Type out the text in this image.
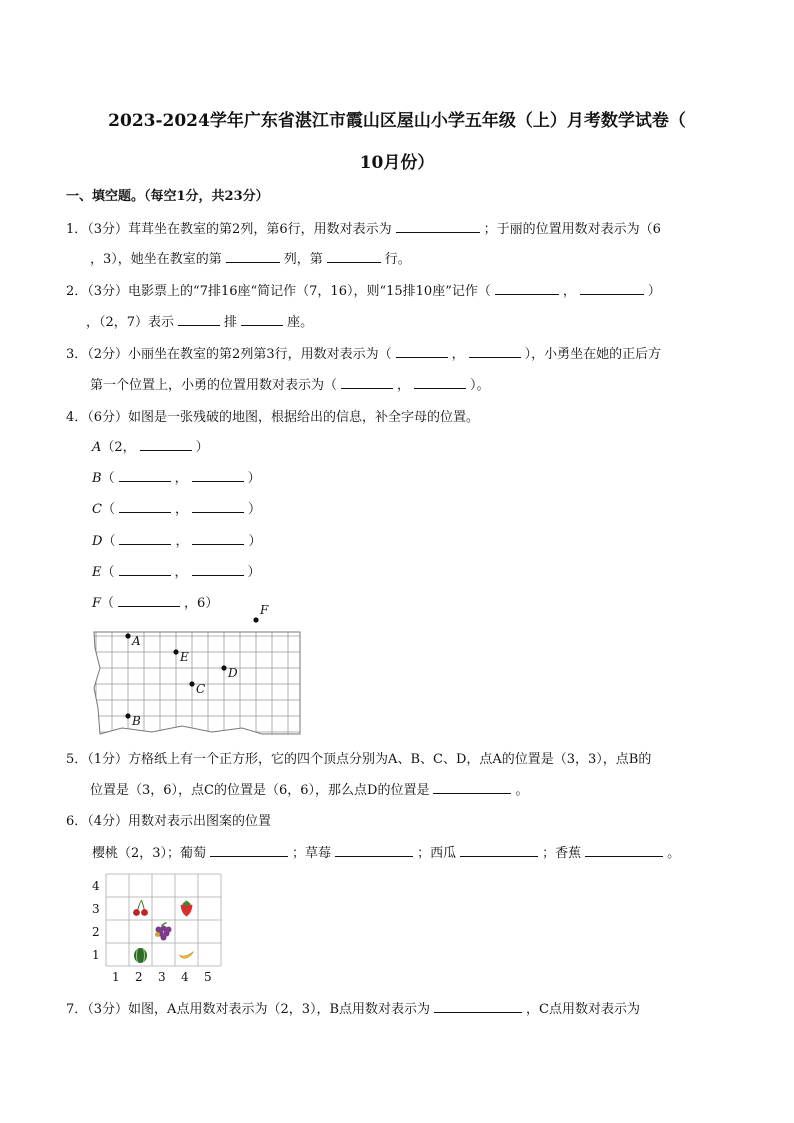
2023-2024学年广东省湛江市霞山区屋山小学五年级（上）月考数学试卷（
10月份）
一、填空题。（每空1分，共23分）
1．（3分）茸茸坐在教室的第2列，第6行，用数对表示为	；于丽的位置用数对表示为（6
，3），她坐在教室的第	列，第	行。
2．（3分）电影票上的“7排16座“简记作（7，16），则“15排10座”记作（	，	）
，（2，7）表示	排	座。
3．（2分）小丽坐在教室的第2列第3行，用数对表示为（	，	），小勇坐在她的正后方
第一个位置上，小勇的位置用数对表示为（	，	）。
4．（6分）如图是一张残破的地图，根据给出的信息，补全字母的位置。
A（2，	）
B（	，	）
C（	，	）
D（	，	）
E（	，	）
F（	，6）	F
A
E
D
C
B
5．（1分）方格纸上有一个正方形，它的四个顶点分别为A、B、C、D，点A的位置是（3，3），点B的
位置是（3，6），点C的位置是（6，6），那么点D的位置是	。
6．（4分）用数对表示出图案的位置
樱桃（2，3）；葡萄	；草莓	；西瓜	；香蕉	。
4
3
2
1
1 2 3 4 5
7．（3分）如图，A点用数对表示为（2，3），B点用数对表示为	，C点用数对表示为
